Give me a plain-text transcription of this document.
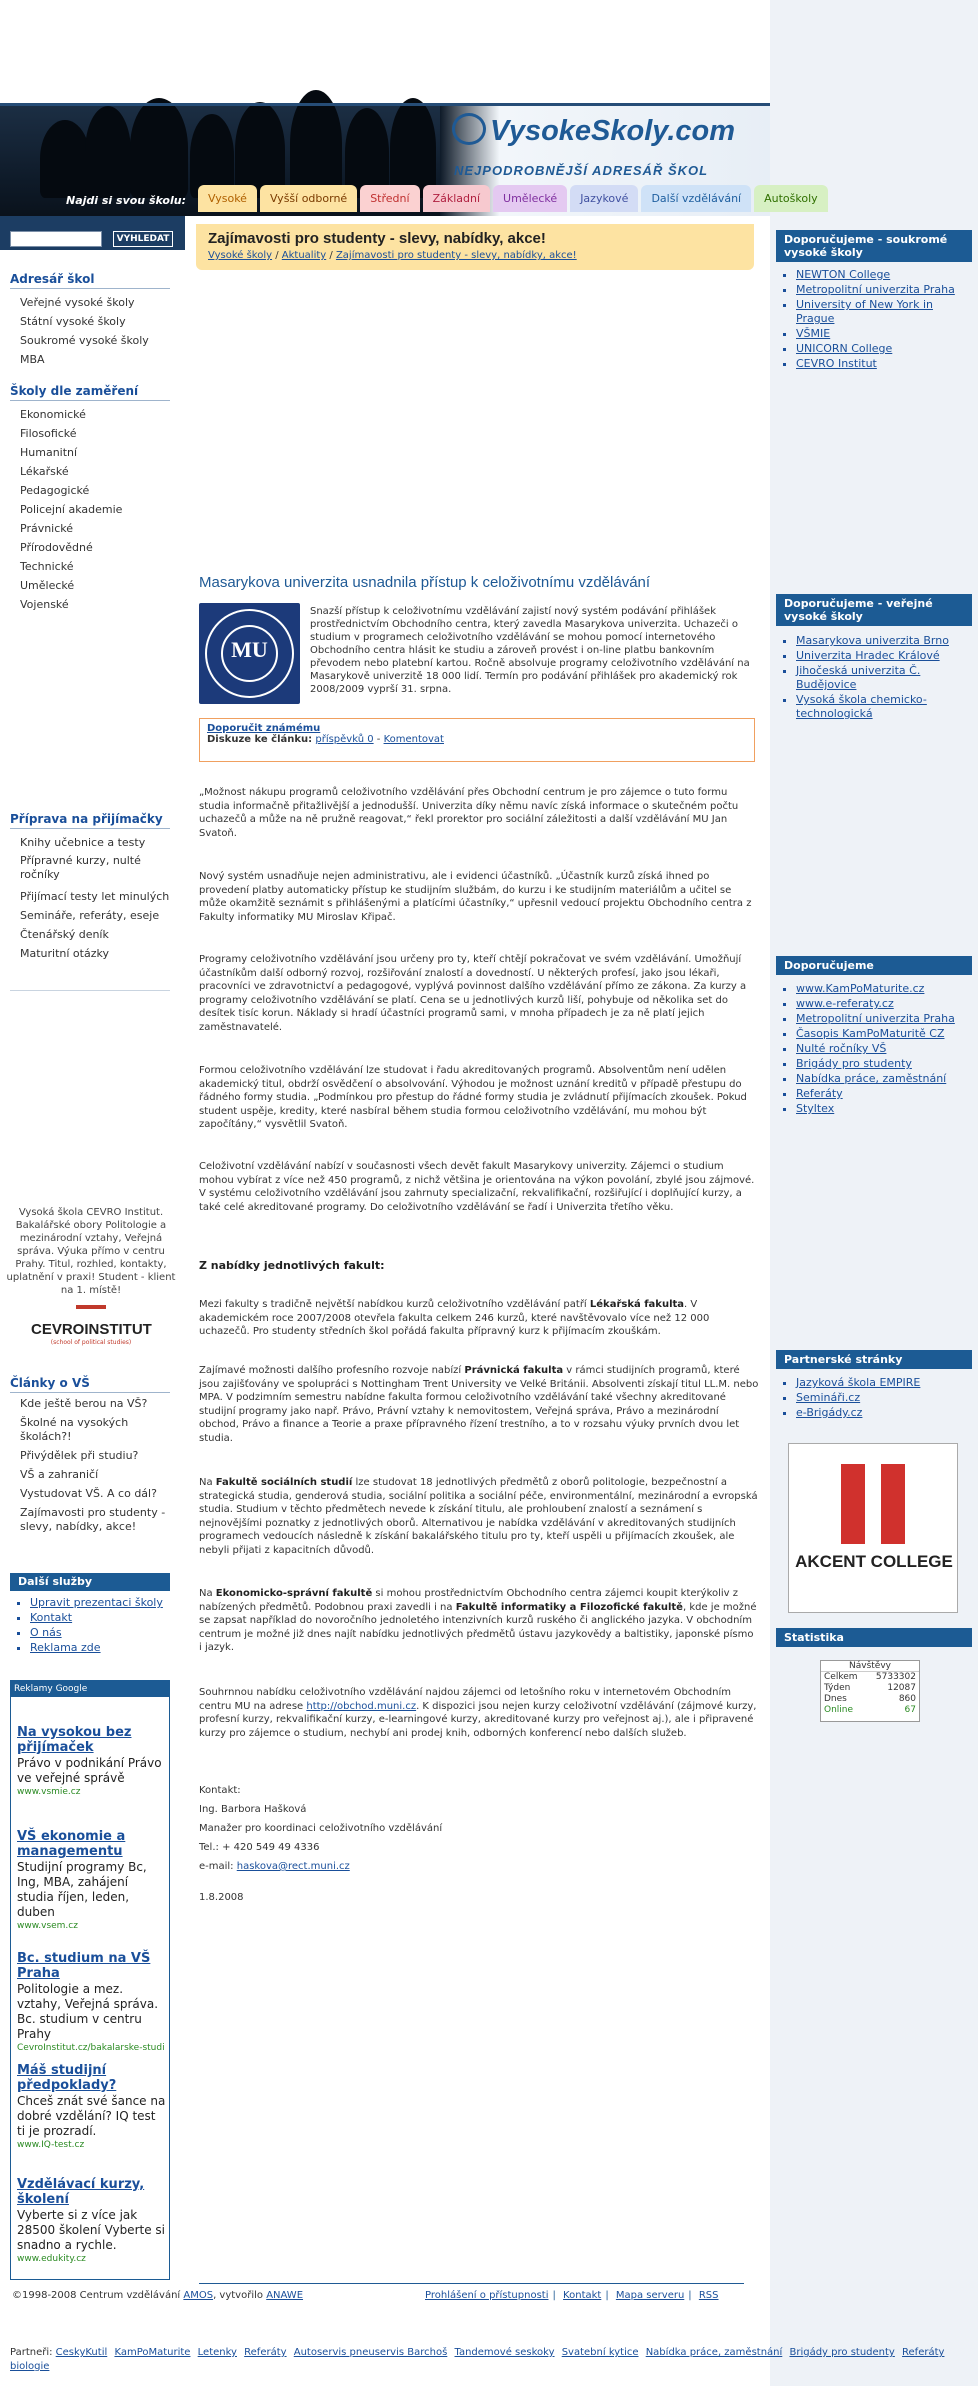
VysokeSkoly.com
NEJPODROBNĚJŠÍ ADRESÁŘ ŠKOL
Najdi si svou školu:	Vysoké	Vyšší odborné	Střední	Základní	Umělecké	Jazykové	Další vzdělávání	Autoškoly
VYHLEDAT
Adresář škol
Veřejné vysoké školy
Státní vysoké školy
Soukromé vysoké školy
MBA
Školy dle zaměření
Ekonomické
Filosofické
Humanitní
Lékařské
Pedagogické
Policejní akademie
Právnické
Přírodovědné
Technické
Umělecké
Vojenské
Příprava na přijímačky
Knihy učebnice a testy
Přípravné kurzy, nulté ročníky
Přijímací testy let minulých
Semináře, referáty, eseje
Čtenářský deník
Maturitní otázky
Vysoká škola CEVRO Institut. Bakalářské obory Politologie a mezinárodní vztahy, Veřejná správa. Výuka přímo v centru Prahy. Titul, rozhled, kontakty, uplatnění v praxi! Student - klient na 1. místě!
CEVROINSTITUT
(school of political studies)
Články o VŠ
Kde ještě berou na VŠ?
Školné na vysokých školách?!
Přivýdělek při studiu?
VŠ a zahraničí
Vystudovat VŠ. A co dál?
Zajímavosti pro studenty - slevy, nabídky, akce!
Další služby
▪ Upravit prezentaci školy
▪ Kontakt
▪ O nás
▪ Reklama zde
Reklamy Google
Na vysokou bez přijímaček
Právo v podnikání Právo ve veřejné správě
www.vsmie.cz
VŠ ekonomie a managementu
Studijní programy Bc, Ing, MBA, zahájení studia říjen, leden, duben
www.vsem.cz
Bc. studium na VŠ Praha
Politologie a mez. vztahy, Veřejná správa. Bc. studium v centru Prahy
CevroInstitut.cz/bakalarske-studi
Máš studijní předpoklady?
Chceš znát své šance na dobré vzdělání? IQ test ti je prozradí.
www.IQ-test.cz
Vzdělávací kurzy, školení
Vyberte si z více jak 28500 školení Vyberte si snadno a rychle.
www.edukity.cz
Zajímavosti pro studenty - slevy, nabídky, akce!
Vysoké školy / Aktuality / Zajímavosti pro studenty - slevy, nabídky, akce!
Masarykova univerzita usnadnila přístup k celoživotnímu vzdělávání
MU
Snazší přístup k celoživotnímu vzdělávání zajistí nový systém podávání přihlášek prostřednictvím Obchodního centra, který zavedla Masarykova univerzita. Uchazeči o studium v programech celoživotního vzdělávání se mohou pomocí internetového Obchodního centra hlásit ke studiu a zároveň provést i on-line platbu bankovním převodem nebo platební kartou. Ročně absolvuje programy celoživotního vzdělávání na Masarykově univerzitě 18 000 lidí. Termín pro podávání přihlášek pro akademický rok 2008/2009 vyprší 31. srpna.
Doporučit známému
Diskuze ke článku: příspěvků 0 - Komentovat
„Možnost nákupu programů celoživotního vzdělávání přes Obchodní centrum je pro zájemce o tuto formu studia informačně přitažlivější a jednodušší. Univerzita díky němu navíc získá informace o skutečném počtu uchazečů a může na ně pružně reagovat,“ řekl prorektor pro sociální záležitosti a další vzdělávání MU Jan Svatoň.
Nový systém usnadňuje nejen administrativu, ale i evidenci účastníků. „Účastník kurzů získá ihned po provedení platby automaticky přístup ke studijním službám, do kurzu i ke studijním materiálům a učitel se může okamžitě seznámit s přihlášenými a platícími účastníky,“ upřesnil vedoucí projektu Obchodního centra z Fakulty informatiky MU Miroslav Křipač.
Programy celoživotního vzdělávání jsou určeny pro ty, kteří chtějí pokračovat ve svém vzdělávání. Umožňují účastníkům další odborný rozvoj, rozšiřování znalostí a dovedností. U některých profesí, jako jsou lékaři, pracovníci ve zdravotnictví a pedagogové, vyplývá povinnost dalšího vzdělávání přímo ze zákona. Za kurzy a programy celoživotního vzdělávání se platí. Cena se u jednotlivých kurzů liší, pohybuje od několika set do desítek tisíc korun. Náklady si hradí účastníci programů sami, v mnoha případech je za ně platí jejich zaměstnavatelé.
Formou celoživotního vzdělávání lze studovat i řadu akreditovaných programů. Absolventům není udělen akademický titul, obdrží osvědčení o absolvování. Výhodou je možnost uznání kreditů v případě přestupu do řádného formy studia. „Podmínkou pro přestup do řádné formy studia je zvládnutí přijímacích zkoušek. Pokud student uspěje, kredity, které nasbíral během studia formou celoživotního vzdělávání, mu mohou být započítány,“ vysvětlil Svatoň.
Celoživotní vzdělávání nabízí v současnosti všech devět fakult Masarykovy univerzity. Zájemci o studium mohou vybírat z více než 450 programů, z nichž většina je orientována na výkon povolání, zbylé jsou zájmové. V systému celoživotního vzdělávání jsou zahrnuty specializační, rekvalifikační, rozšiřující i doplňující kurzy, a také celé akreditované programy. Do celoživotního vzdělávání se řadí i Univerzita třetího věku.
Z nabídky jednotlivých fakult:
Mezi fakulty s tradičně největší nabídkou kurzů celoživotního vzdělávání patří Lékařská fakulta. V akademickém roce 2007/2008 otevřela fakulta celkem 246 kurzů, které navštěvovalo více než 12 000 uchazečů. Pro studenty středních škol pořádá fakulta přípravný kurz k přijímacím zkouškám.
Zajímavé možnosti dalšího profesního rozvoje nabízí Právnická fakulta v rámci studijních programů, které jsou zajišťovány ve spolupráci s Nottingham Trent University ve Velké Británii. Absolventi získají titul LL.M. nebo MPA. V podzimním semestru nabídne fakulta formou celoživotního vzdělávání také všechny akreditované studijní programy jako např. Právo, Právní vztahy k nemovitostem, Veřejná správa, Právo a mezinárodní obchod, Právo a finance a Teorie a praxe přípravného řízení trestního, a to v rozsahu výuky prvních dvou let studia.
Na Fakultě sociálních studií lze studovat 18 jednotlivých předmětů z oborů politologie, bezpečnostní a strategická studia, genderová studia, sociální politika a sociální péče, environmentální, mezinárodní a evropská studia. Studium v těchto předmětech nevede k získání titulu, ale prohloubení znalostí a seznámení s nejnovějšími poznatky z jednotlivých oborů. Alternativou je nabídka vzdělávání v akreditovaných studijních programech vedoucích následně k získání bakalářského titulu pro ty, kteří uspěli u přijímacích zkoušek, ale nebyli přijati z kapacitních důvodů.
Na Ekonomicko-správní fakultě si mohou prostřednictvím Obchodního centra zájemci koupit kterýkoliv z nabízených předmětů. Podobnou praxi zavedli i na Fakultě informatiky a Filozofické fakultě, kde je možné se zapsat například do novoročního jednoletého intenzivních kurzů ruského či anglického jazyka. V obchodním centrum je možné již dnes najít nabídku jednotlivých předmětů ústavu jazykovědy a baltistiky, japonské písmo i jazyk.
Souhrnnou nabídku celoživotního vzdělávání najdou zájemci od letošního roku v internetovém Obchodním centru MU na adrese http://obchod.muni.cz. K dispozici jsou nejen kurzy celoživotní vzdělávání (zájmové kurzy, profesní kurzy, rekvalifikační kurzy, e-learningové kurzy, akreditované kurzy pro veřejnost aj.), ale i připravené kurzy pro zájemce o studium, nechybí ani prodej knih, odborných konferencí nebo dalších služeb.
Kontakt:
Ing. Barbora Hašková
Manažer pro koordinaci celoživotního vzdělávání
Tel.: + 420 549 49 4336
e-mail: haskova@rect.muni.cz
1.8.2008
©1998-2008 Centrum vzdělávání AMOS, vytvořilo ANAWE	Prohlášení o přístupnosti | Kontakt | Mapa serveru | RSS
Partneři: CeskyKutil KamPoMaturite Letenky Referáty Autoservis pneuservis Barchoš Tandemové seskoky Svatební kytice Nabídka práce, zaměstnání Brigády pro studenty Referáty biologie
Doporučujeme - soukromé vysoké školy
▪ NEWTON College
▪ Metropolitní univerzita Praha
▪ University of New York in Prague
▪ VŠMIE
▪ UNICORN College
▪ CEVRO Institut
Doporučujeme - veřejné vysoké školy
▪ Masarykova univerzita Brno
▪ Univerzita Hradec Králové
▪ Jihočeská univerzita Č. Budějovice
▪ Vysoká škola chemicko-technologická
Doporučujeme
▪ www.KamPoMaturite.cz
▪ www.e-referaty.cz
▪ Metropolitní univerzita Praha
▪ Časopis KamPoMaturitě CZ
▪ Nulté ročníky VŠ
▪ Brigády pro studenty
▪ Nabídka práce, zaměstnání
▪ Referáty
▪ Styltex
Partnerské stránky
▪ Jazyková škola EMPIRE
▪ Semináři.cz
▪ e-Brigády.cz
AKCENT COLLEGE
Statistika
Návštěvy
Celkem 5733302
Týden	12087
Dnes	860
Online	67
